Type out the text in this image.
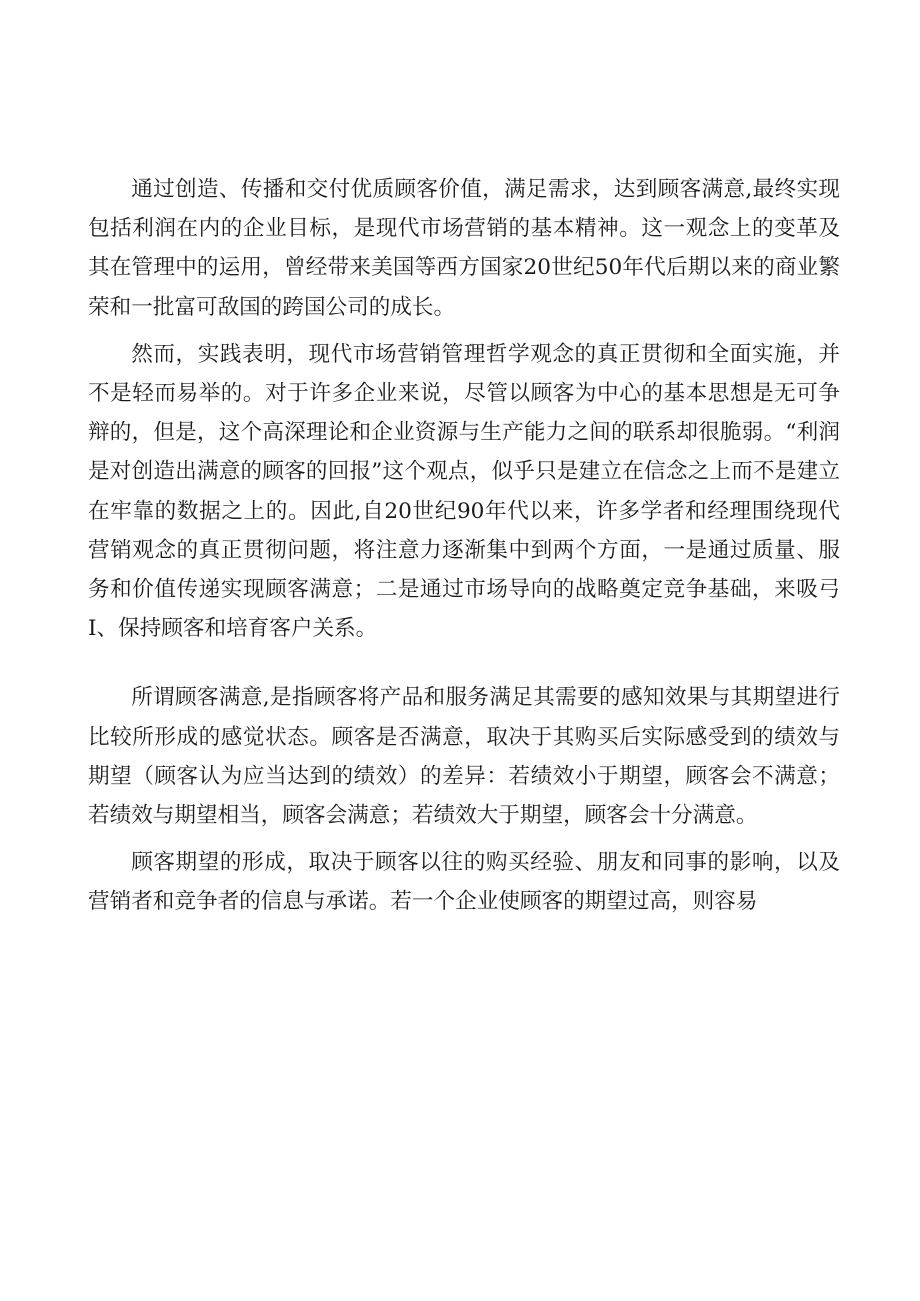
通过创造、传播和交付优质顾客价值，满足需求，达到顾客满意,最终实现包括利润在内的企业目标，是现代市场营销的基本精神。这一观念上的变革及其在管理中的运用，曾经带来美国等西方国家20世纪50年代后期以来的商业繁荣和一批富可敌国的跨国公司的成长。

然而，实践表明，现代市场营销管理哲学观念的真正贯彻和全面实施，并不是轻而易举的。对于许多企业来说，尽管以顾客为中心的基本思想是无可争辩的，但是，这个高深理论和企业资源与生产能力之间的联系却很脆弱。“利润是对创造出满意的顾客的回报”这个观点，似乎只是建立在信念之上而不是建立在牢靠的数据之上的。因此,自20世纪90年代以来，许多学者和经理围绕现代营销观念的真正贯彻问题，将注意力逐渐集中到两个方面，一是通过质量、服务和价值传递实现顾客满意；二是通过市场导向的战略奠定竞争基础，来吸弓I、保持顾客和培育客户关系。

所谓顾客满意,是指顾客将产品和服务满足其需要的感知效果与其期望进行比较所形成的感觉状态。顾客是否满意，取决于其购买后实际感受到的绩效与期望（顾客认为应当达到的绩效）的差异：若绩效小于期望，顾客会不满意；若绩效与期望相当，顾客会满意；若绩效大于期望，顾客会十分满意。

顾客期望的形成，取决于顾客以往的购买经验、朋友和同事的影响，以及营销者和竞争者的信息与承诺。若一个企业使顾客的期望过高，则容易
